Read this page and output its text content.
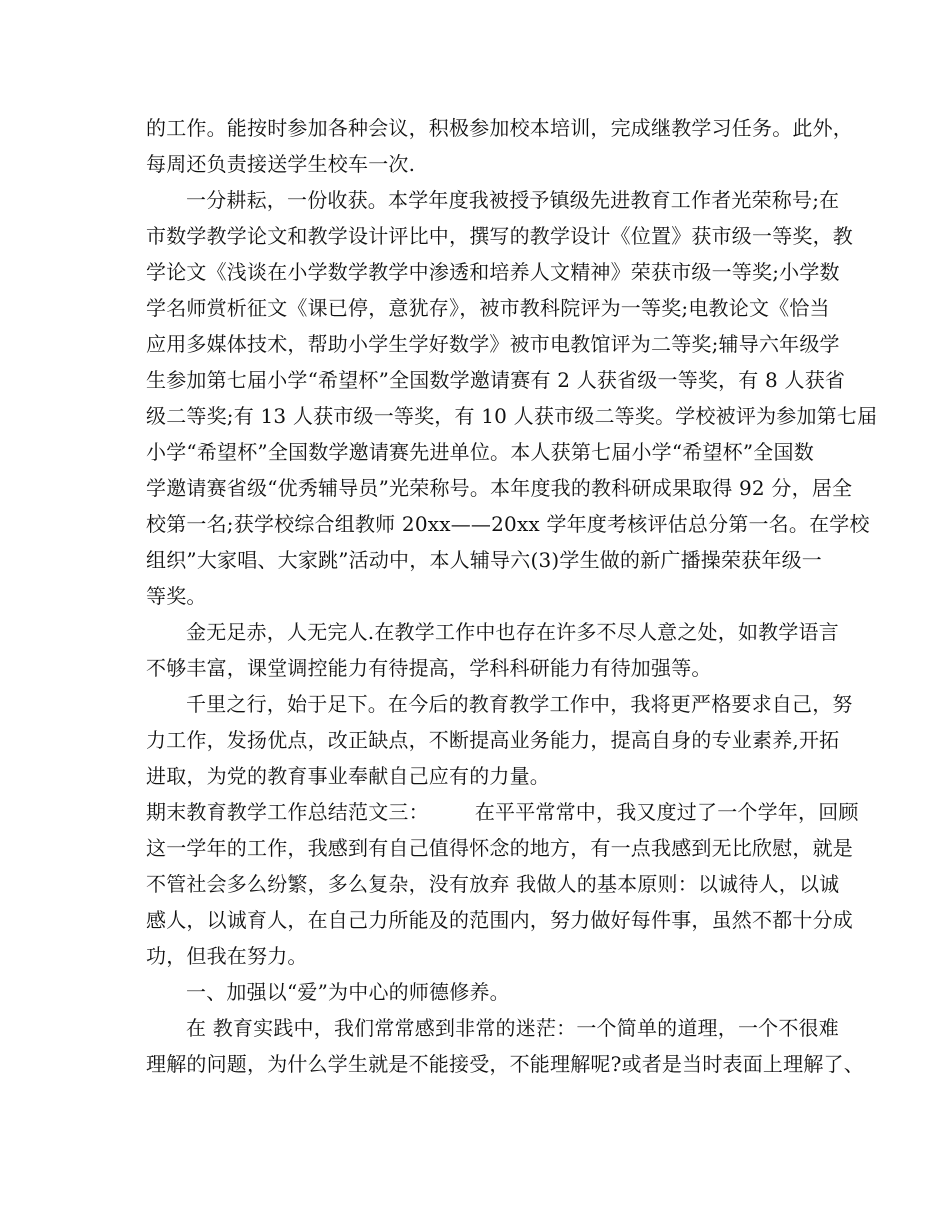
的工作。能按时参加各种会议，积极参加校本培训，完成继教学习任务。此外，
每周还负责接送学生校车一次.
一分耕耘，一份收获。本学年度我被授予镇级先进教育工作者光荣称号;在
市数学教学论文和教学设计评比中，撰写的教学设计《位置》获市级一等奖，教
学论文《浅谈在小学数学教学中渗透和培养人文精神》荣获市级一等奖;小学数
学名师赏析征文《课已停，意犹存》，被市教科院评为一等奖;电教论文《恰当
应用多媒体技术，帮助小学生学好数学》被市电教馆评为二等奖;辅导六年级学
生参加第七届小学“希望杯”全国数学邀请赛有 2 人获省级一等奖，有 8 人获省
级二等奖;有 13 人获市级一等奖，有 10 人获市级二等奖。学校被评为参加第七届
小学“希望杯”全国数学邀请赛先进单位。本人获第七届小学“希望杯”全国数
学邀请赛省级“优秀辅导员”光荣称号。本年度我的教科研成果取得 92 分，居全
校第一名;获学校综合组教师 20xx——20xx 学年度考核评估总分第一名。在学校
组织”大家唱、大家跳”活动中，本人辅导六(3)学生做的新广播操荣获年级一
等奖。
金无足赤，人无完人.在教学工作中也存在许多不尽人意之处，如教学语言
不够丰富，课堂调控能力有待提高，学科科研能力有待加强等。
千里之行，始于足下。在今后的教育教学工作中，我将更严格要求自己，努
力工作，发扬优点，改正缺点，不断提高业务能力，提高自身的专业素养,开拓
进取，为党的教育事业奉献自己应有的力量。
期末教育教学工作总结范文三： 在平平常常中，我又度过了一个学年，回顾
这一学年的工作，我感到有自己值得怀念的地方，有一点我感到无比欣慰，就是
不管社会多么纷繁，多么复杂，没有放弃 我做人的基本原则：以诚待人，以诚
感人，以诚育人，在自己力所能及的范围内，努力做好每件事，虽然不都十分成
功，但我在努力。
一、加强以“爱”为中心的师德修养。
在 教育实践中，我们常常感到非常的迷茫：一个简单的道理，一个不很难
理解的问题，为什么学生就是不能接受，不能理解呢?或者是当时表面上理解了、
